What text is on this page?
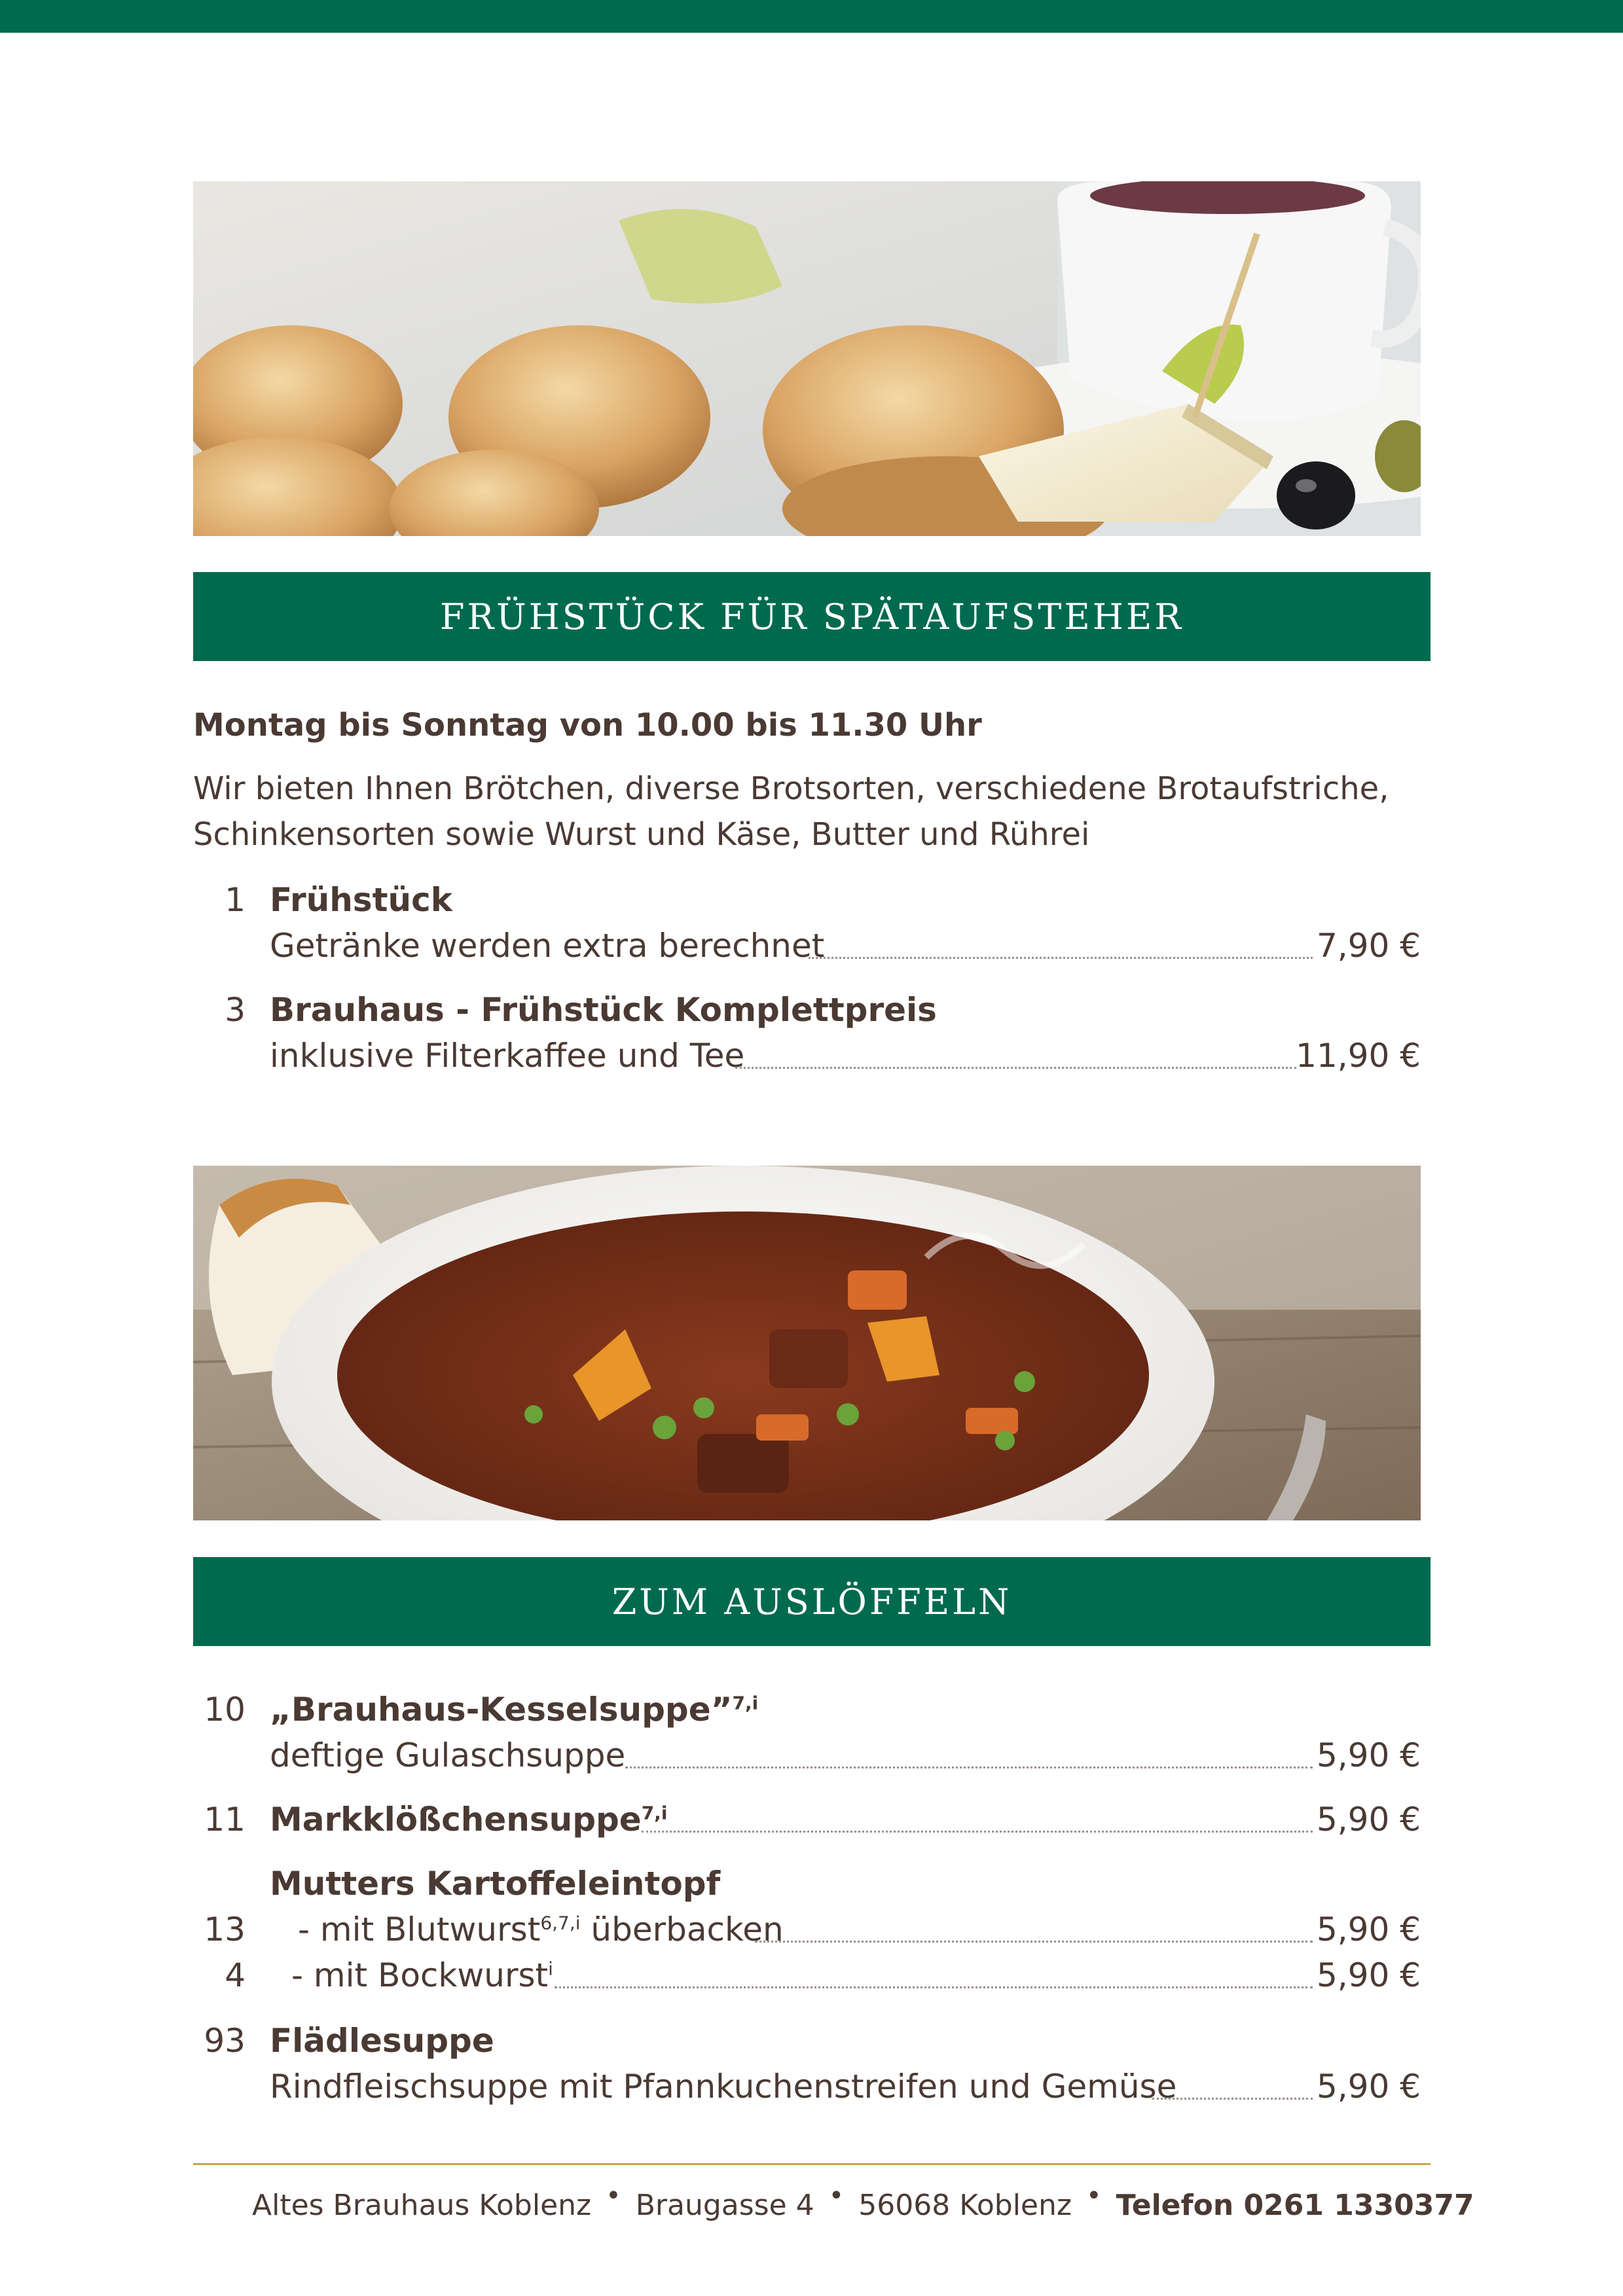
FRÜHSTÜCK FÜR SPÄTAUFSTEHER
Montag bis Sonntag von 10.00 bis 11.30 Uhr
Wir bieten Ihnen Brötchen, diverse Brotsorten, verschiedene Brotaufstriche,
Schinkensorten sowie Wurst und Käse, Butter und Rührei
1 Frühstück
Getränke werden extra berechnet	7,90 €
3 Brauhaus - Frühstück Komplettpreis
inklusive Filterkaffee und Tee	11,90 €
ZUM AUSLÖFFELN
10 „Brauhaus-Kesselsuppe”$^{7,i}$
deftige Gulaschsuppe	5,90 €
11 Markklößchensuppe$^{7,i}$	5,90 €
Mutters Kartoffeleintopf
13 - mit Blutwurst$^{6,7,i}$ überbacken	5,90 €
4 - mit Bockwurst$^i$	5,90 €
93 Flädlesuppe
Rindfleischsuppe mit Pfannkuchenstreifen und Gemüse	5,90 €
Altes Brauhaus Koblenz • Braugasse 4 • 56068 Koblenz • Telefon 0261 1330377
